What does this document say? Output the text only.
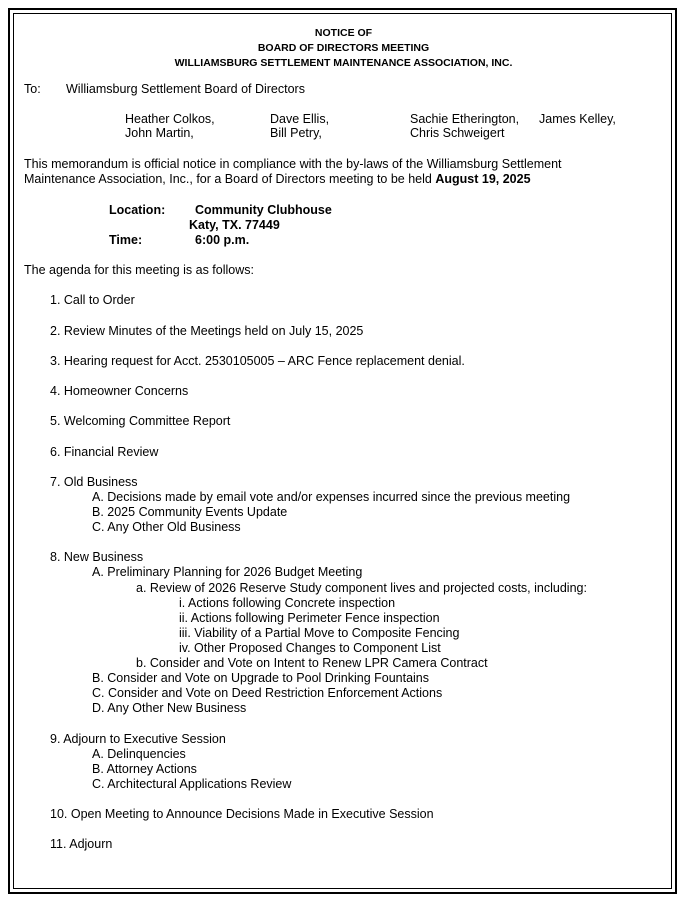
NOTICE OF
BOARD OF DIRECTORS MEETING
WILLIAMSBURG SETTLEMENT MAINTENANCE ASSOCIATION, INC.
To: Williamsburg Settlement Board of Directors
Heather Colkos,	Dave Ellis,	Sachie Etherington, James Kelley,
John Martin,	Bill Petry,	Chris Schweigert
This memorandum is official notice in compliance with the by-laws of the Williamsburg Settlement
Maintenance Association, Inc., for a Board of Directors meeting to be held August 19, 2025
Location: Community Clubhouse
Katy, TX. 77449
Time:	6:00 p.m.
The agenda for this meeting is as follows:
1. Call to Order
2. Review Minutes of the Meetings held on July 15, 2025
3. Hearing request for Acct. 2530105005 – ARC Fence replacement denial.
4. Homeowner Concerns
5. Welcoming Committee Report
6. Financial Review
7. Old Business
A. Decisions made by email vote and/or expenses incurred since the previous meeting
B. 2025 Community Events Update
C. Any Other Old Business
8. New Business
A. Preliminary Planning for 2026 Budget Meeting
a. Review of 2026 Reserve Study component lives and projected costs, including:
i. Actions following Concrete inspection
ii. Actions following Perimeter Fence inspection
iii. Viability of a Partial Move to Composite Fencing
iv. Other Proposed Changes to Component List
b. Consider and Vote on Intent to Renew LPR Camera Contract
B. Consider and Vote on Upgrade to Pool Drinking Fountains
C. Consider and Vote on Deed Restriction Enforcement Actions
D. Any Other New Business
9. Adjourn to Executive Session
A. Delinquencies
B. Attorney Actions
C. Architectural Applications Review
10. Open Meeting to Announce Decisions Made in Executive Session
11. Adjourn
